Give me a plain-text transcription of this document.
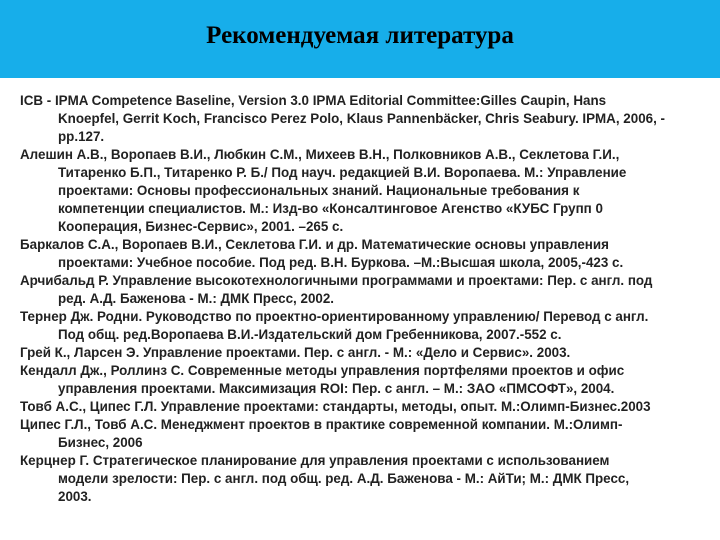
Рекомендуемая литература
ICB - IPMA Competence Baseline, Version 3.0 IPMA Editorial Committee:Gilles Caupin, Hans
Knoepfel, Gerrit Koch, Francisco Perez Polo, Klaus Pannenbäcker, Chris Seabury. IPMA, 2006, -
pp.127.
Алешин А.В., Воропаев В.И., Любкин С.М., Михеев В.Н., Полковников А.В., Секлетова Г.И.,
Титаренко Б.П., Титаренко Р. Б./ Под науч. редакцией В.И. Воропаева. М.: Управление
проектами: Основы профессиональных знаний. Национальные требования к
компетенции специалистов. М.: Изд-во «Консалтинговое Агенство «КУБС Групп 0
Кооперация, Бизнес-Сервис», 2001. –265 с.
Баркалов С.А., Воропаев В.И., Секлетова Г.И. и др. Математические основы управления
проектами: Учебное пособие. Под ред. В.Н. Буркова. –М.:Высшая школа, 2005,-423 с.
Арчибальд Р. Управление высокотехнологичными программами и проектами: Пер. с англ. под
ред. А.Д. Баженова - М.: ДМК Пресс, 2002.
Тернер Дж. Родни. Руководство по проектно-ориентированному управлению/ Перевод с англ.
Под общ. ред.Воропаева В.И.-Издательский дом Гребенникова, 2007.-552 с.
Грей К., Ларсен Э. Управление проектами. Пер. с англ. - М.: «Дело и Сервис». 2003.
Кендалл Дж., Роллинз С. Современные методы управления портфелями проектов и офис
управления проектами. Максимизация ROI: Пер. с англ. – М.: ЗАО «ПМСОФТ», 2004.
Товб А.С., Ципес Г.Л. Управление проектами: стандарты, методы, опыт. М.:Олимп-Бизнес.2003
Ципес Г.Л., Товб А.С. Менеджмент проектов в практике современной компании. М.:Олимп-
Бизнес, 2006
Керцнер Г. Стратегическое планирование для управления проектами с использованием
модели зрелости: Пер. с англ. под общ. ред. А.Д. Баженова - М.: АйТи; М.: ДМК Пресс,
2003.
